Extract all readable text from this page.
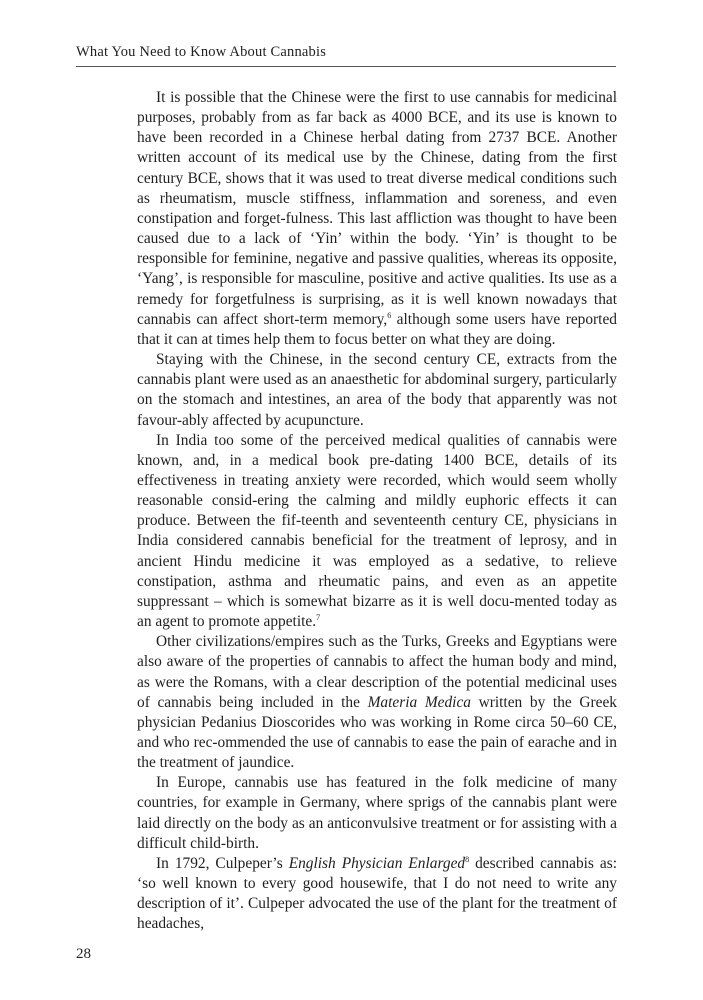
What You Need to Know About Cannabis

It is possible that the Chinese were the first to use cannabis for medicinal purposes, probably from as far back as 4000 BCE, and its use is known to have been recorded in a Chinese herbal dating from 2737 BCE. Another written account of its medical use by the Chinese, dating from the first century BCE, shows that it was used to treat diverse medical conditions such as rheumatism, muscle stiffness, inflammation and soreness, and even constipation and forget-fulness. This last affliction was thought to have been caused due to a lack of ‘Yin’ within the body. ‘Yin’ is thought to be responsible for feminine, negative and passive qualities, whereas its opposite, ‘Yang’, is responsible for masculine, positive and active qualities. Its use as a remedy for forgetfulness is surprising, as it is well known nowadays that cannabis can affect short-term memory,$^6$ although some users have reported that it can at times help them to focus better on what they are doing.

Staying with the Chinese, in the second century CE, extracts from the cannabis plant were used as an anaesthetic for abdominal surgery, particularly on the stomach and intestines, an area of the body that apparently was not favour-ably affected by acupuncture.

In India too some of the perceived medical qualities of cannabis were known, and, in a medical book pre-dating 1400 BCE, details of its effectiveness in treating anxiety were recorded, which would seem wholly reasonable consid-ering the calming and mildly euphoric effects it can produce. Between the fif-teenth and seventeenth century CE, physicians in India considered cannabis beneficial for the treatment of leprosy, and in ancient Hindu medicine it was employed as a sedative, to relieve constipation, asthma and rheumatic pains, and even as an appetite suppressant – which is somewhat bizarre as it is well docu-mented today as an agent to promote appetite.$^7$

Other civilizations/empires such as the Turks, Greeks and Egyptians were also aware of the properties of cannabis to affect the human body and mind, as were the Romans, with a clear description of the potential medicinal uses of cannabis being included in the Materia Medica written by the Greek physician Pedanius Dioscorides who was working in Rome circa 50–60 CE, and who rec-ommended the use of cannabis to ease the pain of earache and in the treatment of jaundice.

In Europe, cannabis use has featured in the folk medicine of many countries, for example in Germany, where sprigs of the cannabis plant were laid directly on the body as an anticonvulsive treatment or for assisting with a difficult child-birth.

In 1792, Culpeper’s English Physician Enlarged$^8$ described cannabis as: ‘so well known to every good housewife, that I do not need to write any description of it’. Culpeper advocated the use of the plant for the treatment of headaches,

28
